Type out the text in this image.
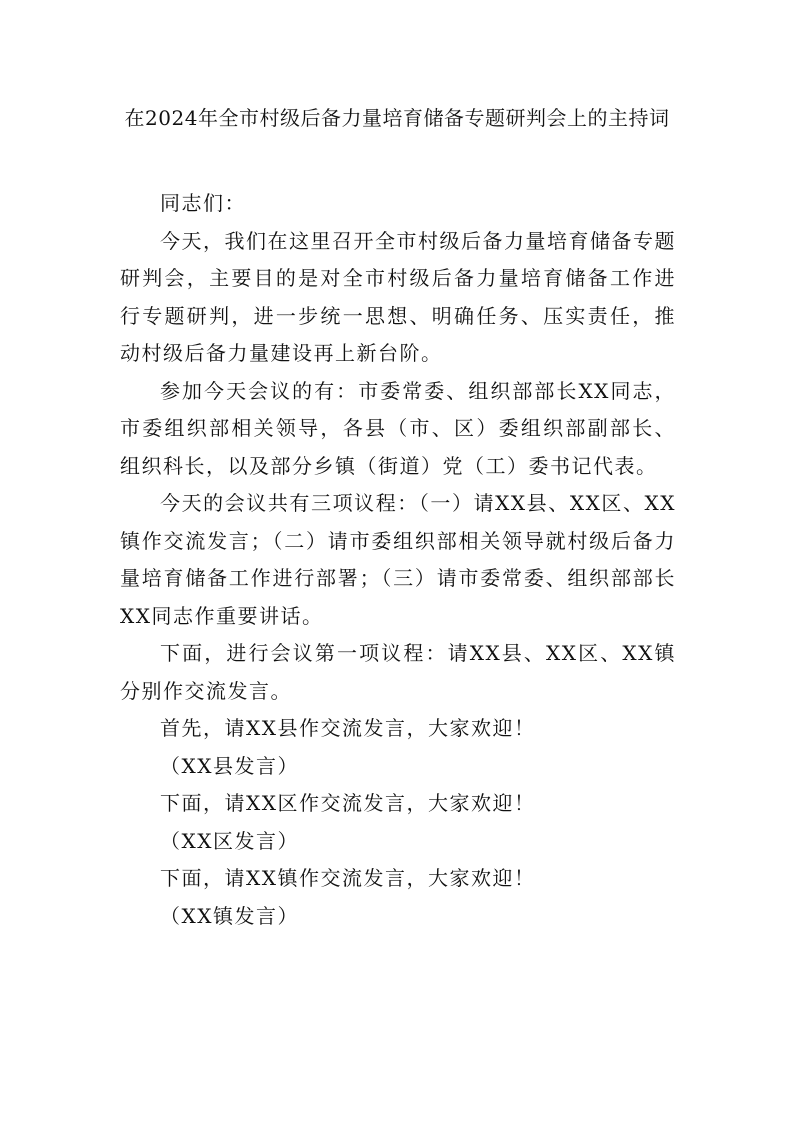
在2024年全市村级后备力量培育储备专题研判会上的主持词

同志们：

今天，我们在这里召开全市村级后备力量培育储备专题研判会，主要目的是对全市村级后备力量培育储备工作进行专题研判，进一步统一思想、明确任务、压实责任，推动村级后备力量建设再上新台阶。

参加今天会议的有：市委常委、组织部部长XX同志，市委组织部相关领导，各县（市、区）委组织部副部长、组织科长，以及部分乡镇（街道）党（工）委书记代表。

今天的会议共有三项议程：（一）请XX县、XX区、XX镇作交流发言；（二）请市委组织部相关领导就村级后备力量培育储备工作进行部署；（三）请市委常委、组织部部长XX同志作重要讲话。

下面，进行会议第一项议程：请XX县、XX区、XX镇分别作交流发言。

首先，请XX县作交流发言，大家欢迎！

（XX县发言）

下面，请XX区作交流发言，大家欢迎！

（XX区发言）

下面，请XX镇作交流发言，大家欢迎！

（XX镇发言）
